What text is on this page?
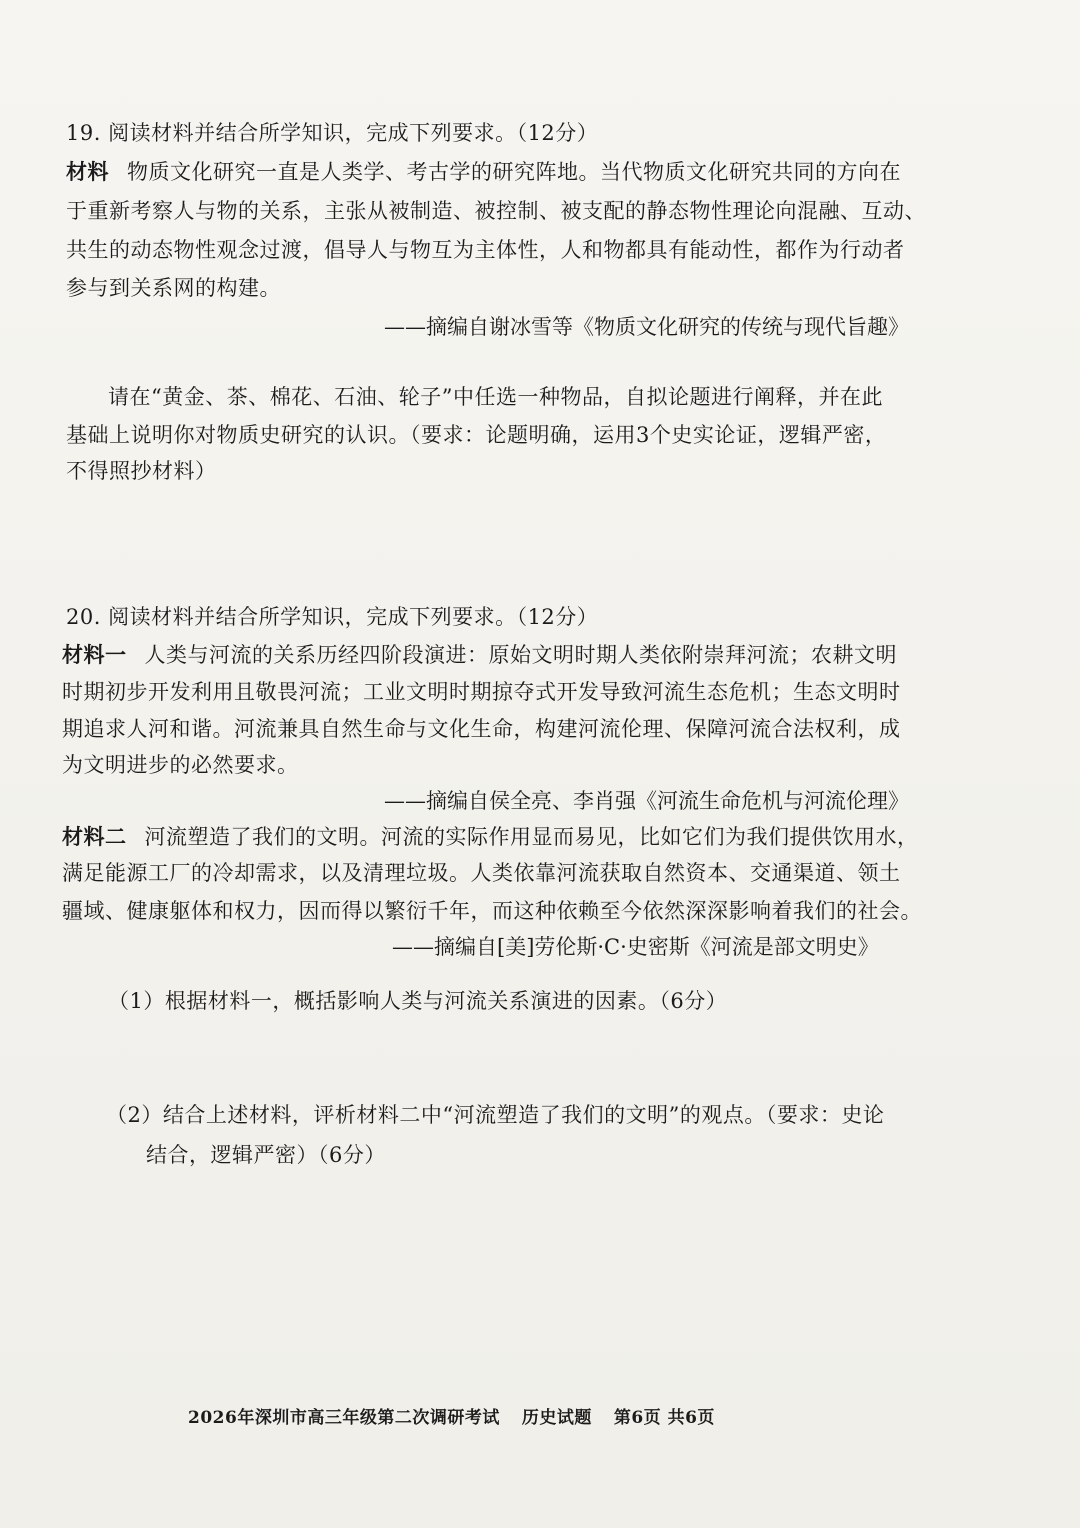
19. 阅读材料并结合所学知识，完成下列要求。（12分）
材料 物质文化研究一直是人类学、考古学的研究阵地。当代物质文化研究共同的方向在
于重新考察人与物的关系，主张从被制造、被控制、被支配的静态物性理论向混融、互动、
共生的动态物性观念过渡，倡导人与物互为主体性，人和物都具有能动性，都作为行动者
参与到关系网的构建。
——摘编自谢冰雪等《物质文化研究的传统与现代旨趣》
请在“黄金、茶、棉花、石油、轮子”中任选一种物品，自拟论题进行阐释，并在此
基础上说明你对物质史研究的认识。（要求：论题明确，运用3个史实论证，逻辑严密，
不得照抄材料）
20. 阅读材料并结合所学知识，完成下列要求。（12分）
材料一 人类与河流的关系历经四阶段演进：原始文明时期人类依附崇拜河流；农耕文明
时期初步开发利用且敬畏河流；工业文明时期掠夺式开发导致河流生态危机；生态文明时
期追求人河和谐。河流兼具自然生命与文化生命，构建河流伦理、保障河流合法权利，成
为文明进步的必然要求。
——摘编自侯全亮、李肖强《河流生命危机与河流伦理》
材料二 河流塑造了我们的文明。河流的实际作用显而易见，比如它们为我们提供饮用水，
满足能源工厂的冷却需求，以及清理垃圾。人类依靠河流获取自然资本、交通渠道、领土
疆域、健康躯体和权力，因而得以繁衍千年，而这种依赖至今依然深深影响着我们的社会。
——摘编自[美]劳伦斯·C·史密斯《河流是部文明史》
（1）根据材料一，概括影响人类与河流关系演进的因素。（6分）
（2）结合上述材料，评析材料二中“河流塑造了我们的文明”的观点。（要求：史论
结合，逻辑严密）（6分）
2026年深圳市高三年级第二次调研考试 历史试题 第6页 共6页
